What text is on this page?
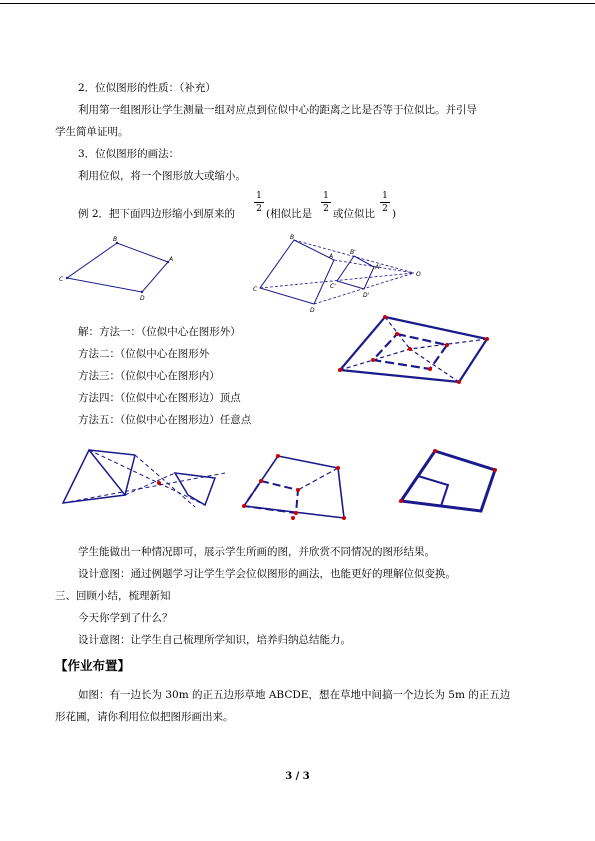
2．位似图形的性质：（补充）
利用第一组图形让学生测量一组对应点到位似中心的距离之比是否等于位似比。并引导
学生简单证明。
3．位似图形的画法：
利用位似，将一个图形放大或缩小。
例 2．把下面四边形缩小到原来的
1
2 (相似比是
1
2 或位似比
1
2 )
B
A
D
C
B
A
D
C
B'
A'
D'
C'
O
解：方法一：（位似中心在图形外）
方法二：（位似中心在图形外
方法三：（位似中心在图形内）
方法四：（位似中心在图形边）顶点
方法五：（位似中心在图形边）任意点
学生能做出一种情况即可，展示学生所画的图，并欣赏不同情况的图形结果。
设计意图：通过例题学习让学生学会位似图形的画法，也能更好的理解位似变换。
三、回顾小结，梳理新知
今天你学到了什么？
设计意图：让学生自己梳理所学知识，培养归纳总结能力。
【作业布置】
如图：有一边长为 30m 的正五边形草地 ABCDE，想在草地中间搞一个边长为 5m 的正五边
形花圃，请你利用位似把图形画出来。
3 / 3
